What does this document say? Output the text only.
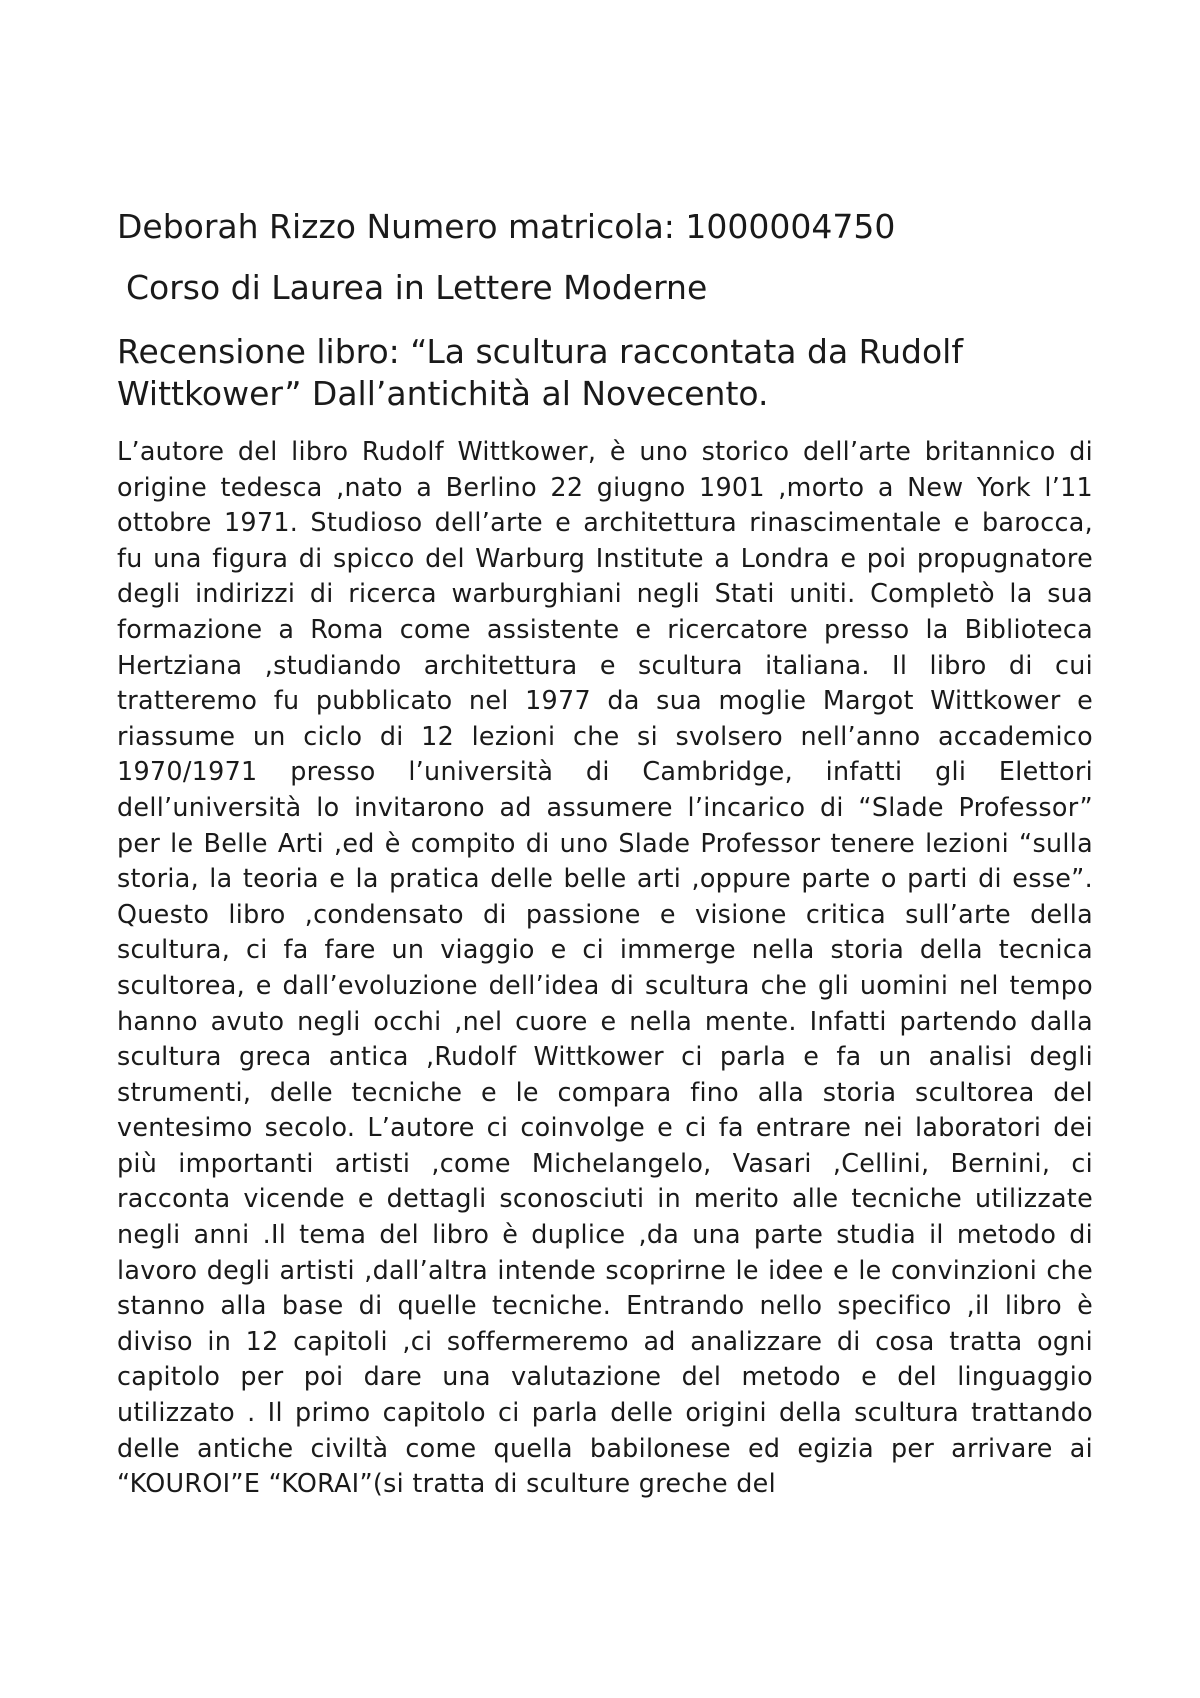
Deborah Rizzo Numero matricola: 1000004750

Corso di Laurea in Lettere Moderne

Recensione libro: “La scultura raccontata da Rudolf Wittkower” Dall’antichità al Novecento.

L’autore del libro Rudolf Wittkower, è uno storico dell’arte britannico di origine tedesca ,nato a Berlino 22 giugno 1901 ,morto a New York l’11 ottobre 1971. Studioso dell’arte e architettura rinascimentale e barocca, fu una figura di spicco del Warburg Institute a Londra e poi propugnatore degli indirizzi di ricerca warburghiani negli Stati uniti. Completò la sua formazione a Roma come assistente e ricercatore presso la Biblioteca Hertziana ,studiando architettura e scultura italiana. Il libro di cui tratteremo fu pubblicato nel 1977 da sua moglie Margot Wittkower e riassume un ciclo di 12 lezioni che si svolsero nell’anno accademico 1970/1971 presso l’università di Cambridge, infatti gli Elettori dell’università lo invitarono ad assumere l’incarico di “Slade Professor” per le Belle Arti ,ed è compito di uno Slade Professor tenere lezioni “sulla storia, la teoria e la pratica delle belle arti ,oppure parte o parti di esse”. Questo libro ,condensato di passione e visione critica sull’arte della scultura, ci fa fare un viaggio e ci immerge nella storia della tecnica scultorea, e dall’evoluzione dell’idea di scultura che gli uomini nel tempo hanno avuto negli occhi ,nel cuore e nella mente. Infatti partendo dalla scultura greca antica ,Rudolf Wittkower ci parla e fa un analisi degli strumenti, delle tecniche e le compara fino alla storia scultorea del ventesimo secolo. L’autore ci coinvolge e ci fa entrare nei laboratori dei più importanti artisti ,come Michelangelo, Vasari ,Cellini, Bernini, ci racconta vicende e dettagli sconosciuti in merito alle tecniche utilizzate negli anni .Il tema del libro è duplice ,da una parte studia il metodo di lavoro degli artisti ,dall’altra intende scoprirne le idee e le convinzioni che stanno alla base di quelle tecniche. Entrando nello specifico ,il libro è diviso in 12 capitoli ,ci soffermeremo ad analizzare di cosa tratta ogni capitolo per poi dare una valutazione del metodo e del linguaggio utilizzato . Il primo capitolo ci parla delle origini della scultura trattando delle antiche civiltà come quella babilonese ed egizia per arrivare ai “KOUROI”E “KORAI”(si tratta di sculture greche del
